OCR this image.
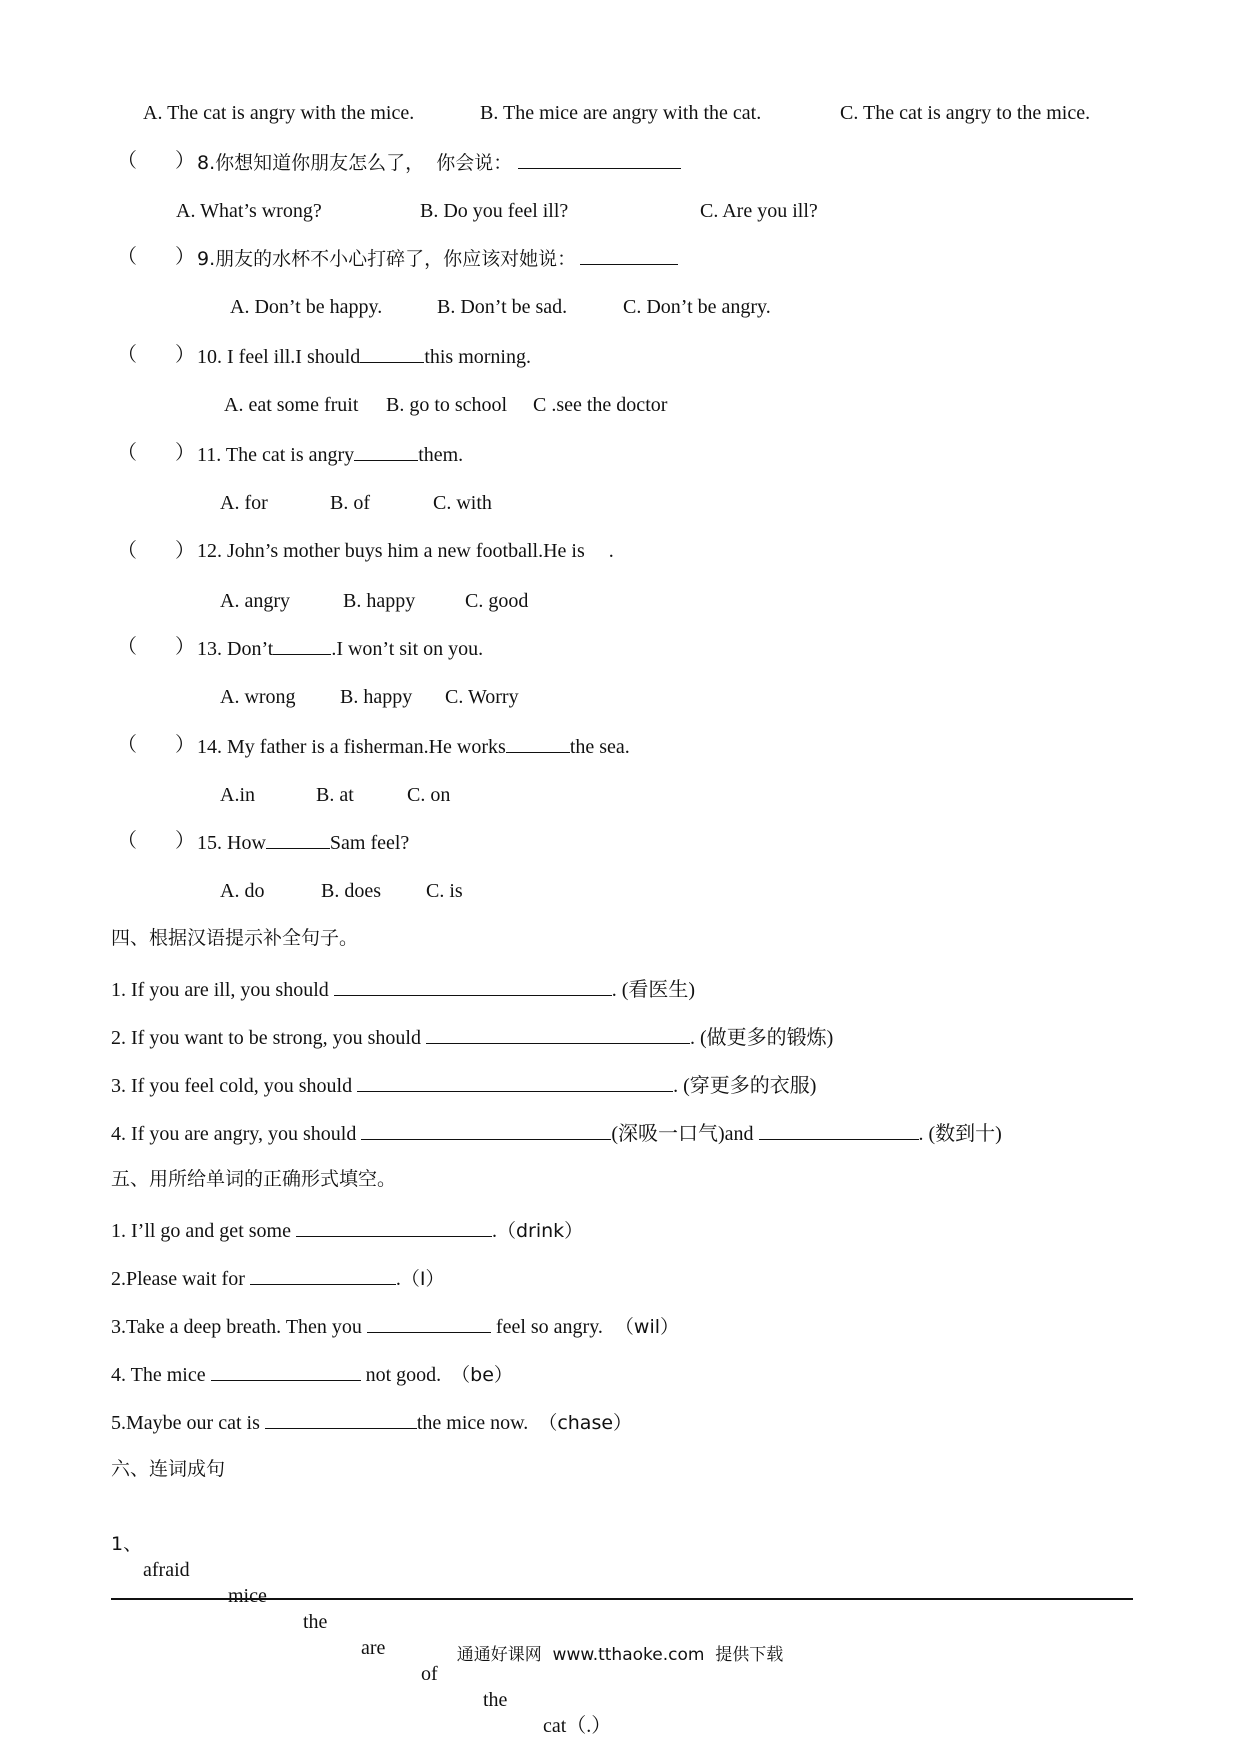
A. The cat is angry with the mice.	B. The mice are angry with the cat.	C. The cat is angry to the mice.
（ ） 8.你想知道你朋友怎么了，  你会说：
A. What’s wrong?	B. Do you feel ill?	C. Are you ill?
（ ） 9.朋友的水杯不小心打碎了，你应该对她说：
A. Don’t be happy.	B. Don’t be sad.	C. Don’t be angry.
（ ） 10. I feel ill.I should	this morning.
A. eat some fruit B. go to school C .see the doctor
（ ） 11. The cat is angry	them.
A. for	B. of	C. with
（ ） 12. John’s mother buys him a new football.He is .
A. angry	B. happy C. good
（ ） 13. Don’t	.I won’t sit on you.
A. wrong B. happy C. Worry
（ ） 14. My father is a fisherman.He works	the sea.
A.in	B. at	C. on
（ ） 15. How	Sam feel?
A. do	B. does C. is
四、根据汉语提示补全句子。
1. If you are ill, you should	. (看医生)
2. If you want to be strong, you should	. (做更多的锻炼)
3. If you feel cold, you should	. (穿更多的衣服)
4. If you are angry, you should	(深吸一口气)and	. (数到十)
五、用所给单词的正确形式填空。
1. I’ll go and get some	.（drink）
2.Please wait for	.（I）
3.Take a deep breath. Then you	feel so angry. （wil）
4. The mice	not good. （be）
5.Maybe our cat is	the mice now. （chase）
六、连词成句

1、

afraid

mice

the

are

of

the

cat（.）

通通好课网  www.tthaoke.com  提供下载
